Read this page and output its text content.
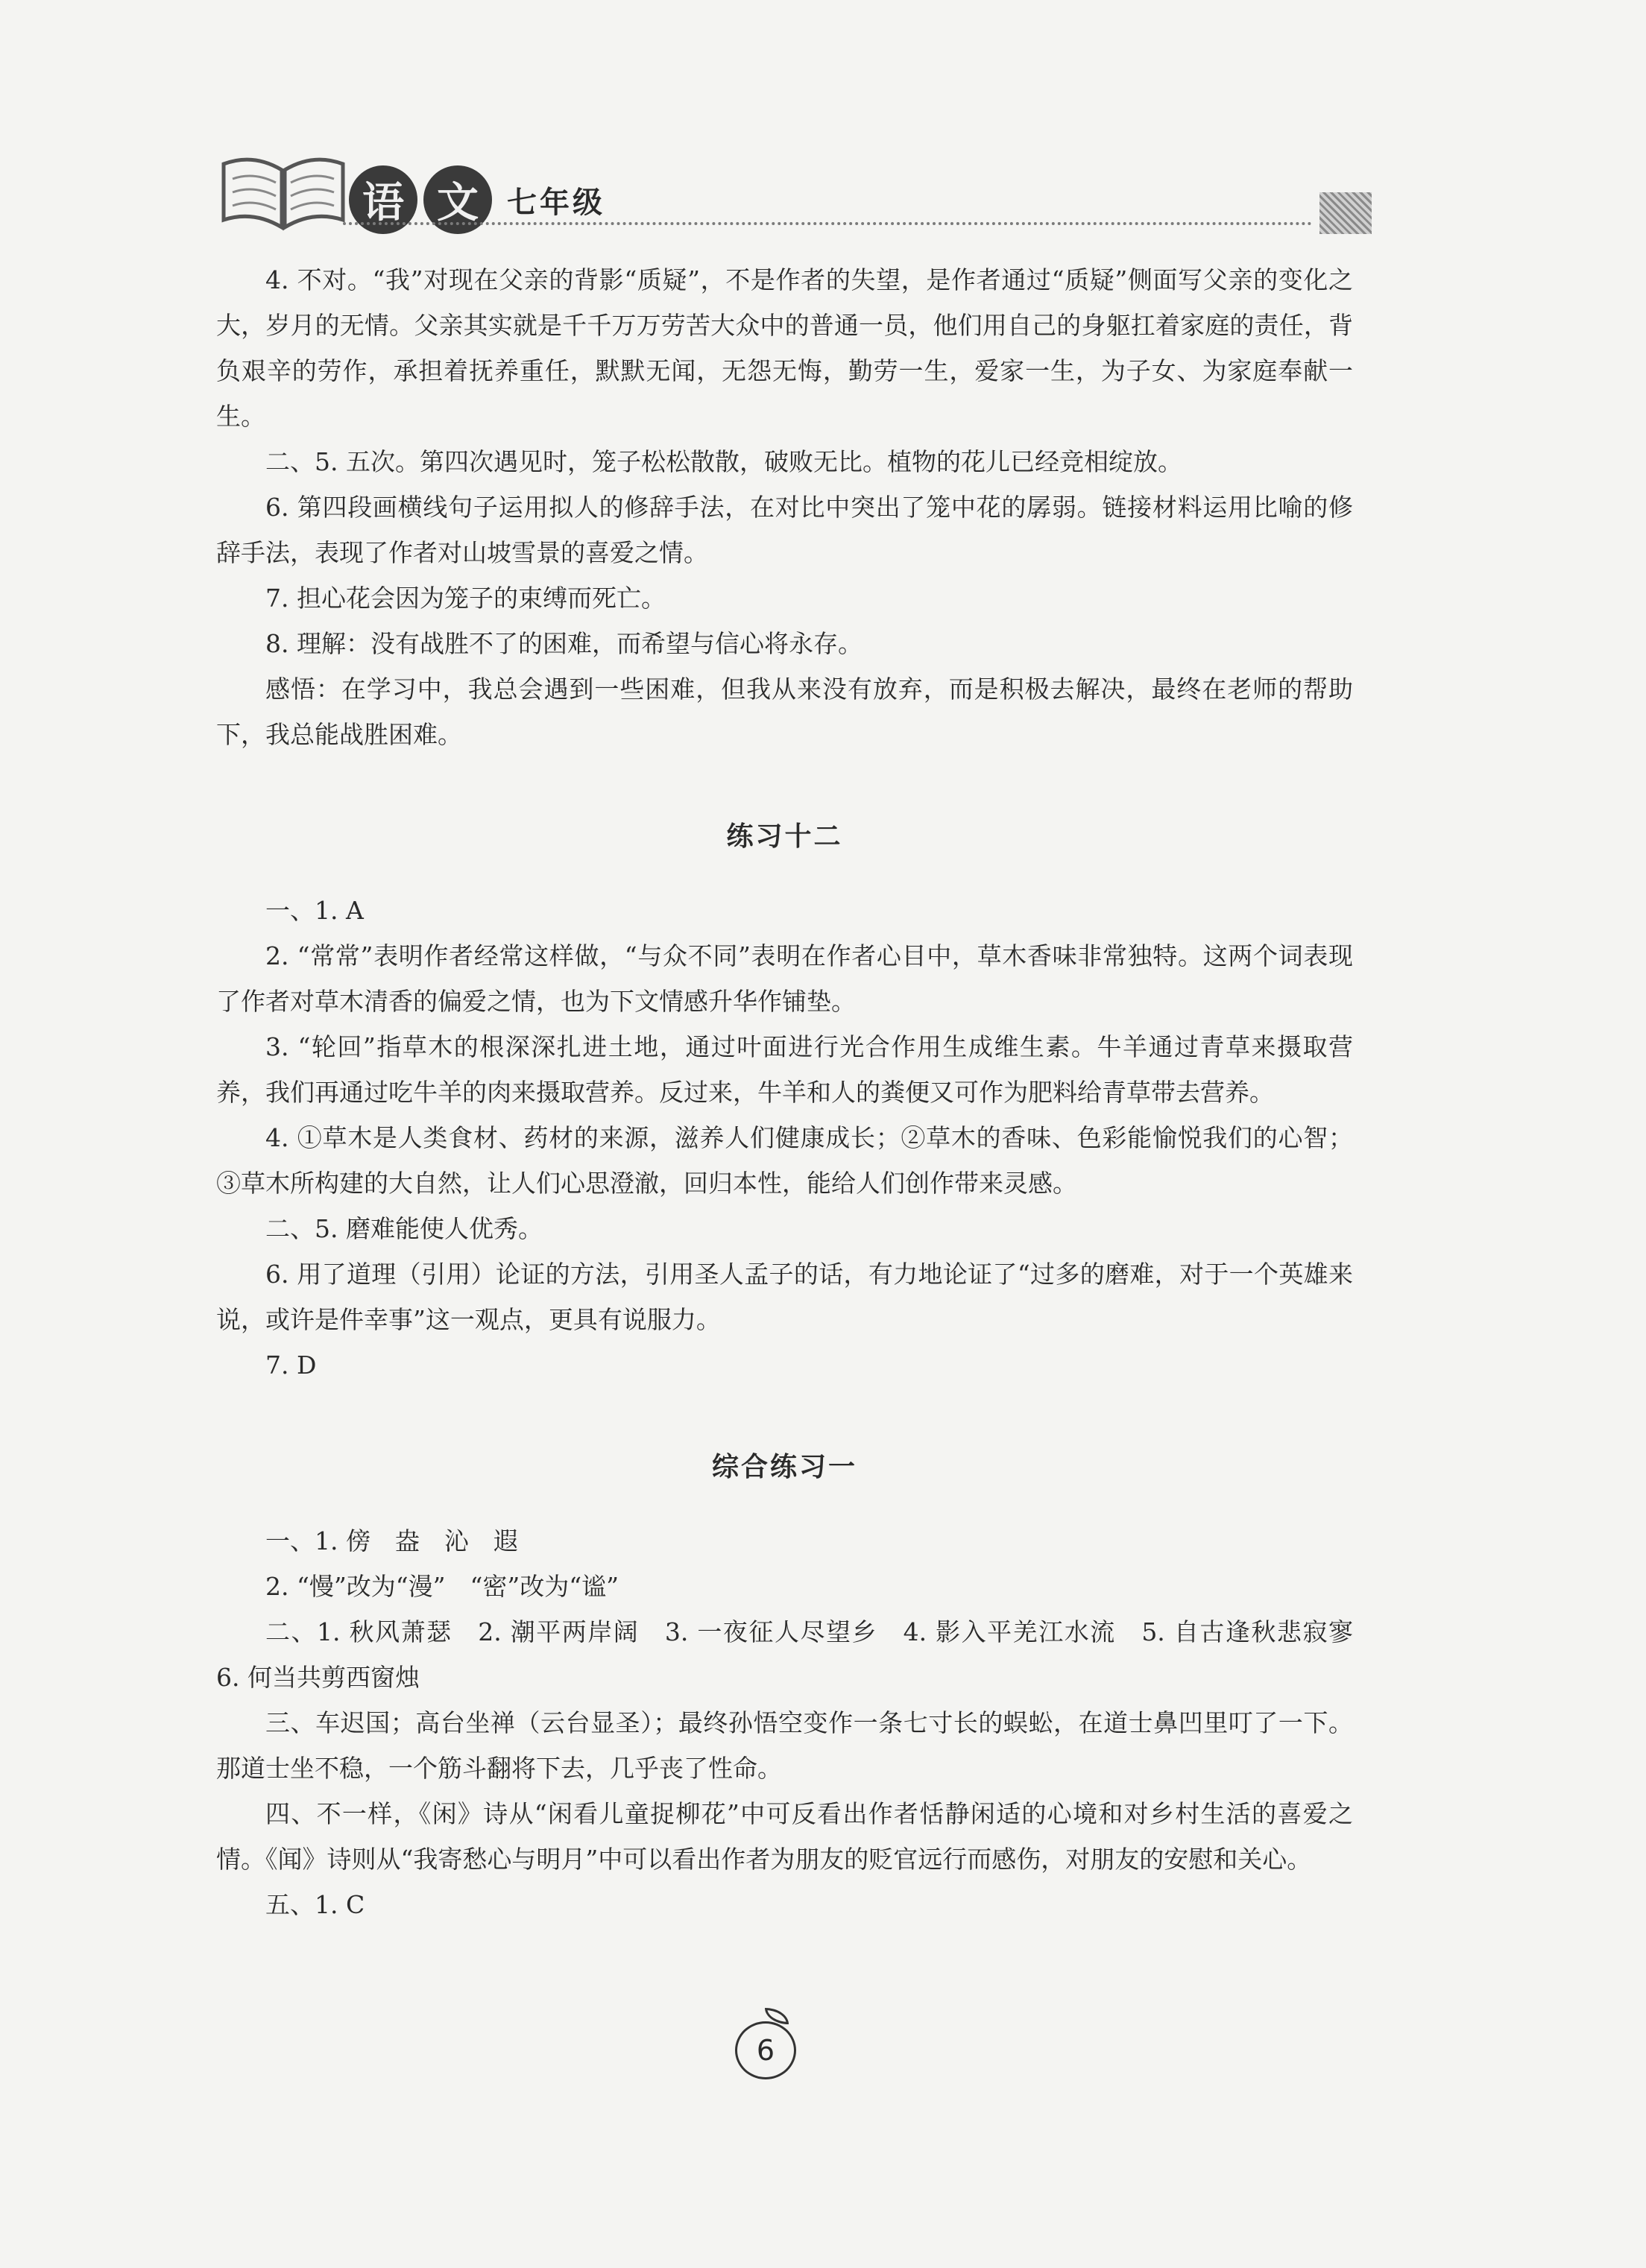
语 文 七年级

4. 不对。“我”对现在父亲的背影“质疑”，不是作者的失望，是作者通过“质疑”侧面写父亲的变化之大，岁月的无情。父亲其实就是千千万万劳苦大众中的普通一员，他们用自己的身躯扛着家庭的责任，背负艰辛的劳作，承担着抚养重任，默默无闻，无怨无悔，勤劳一生，爱家一生，为子女、为家庭奉献一生。

二、5. 五次。第四次遇见时，笼子松松散散，破败无比。植物的花儿已经竞相绽放。

6. 第四段画横线句子运用拟人的修辞手法，在对比中突出了笼中花的孱弱。链接材料运用比喻的修辞手法，表现了作者对山坡雪景的喜爱之情。

7. 担心花会因为笼子的束缚而死亡。

8. 理解：没有战胜不了的困难，而希望与信心将永存。

感悟：在学习中，我总会遇到一些困难，但我从来没有放弃，而是积极去解决，最终在老师的帮助下，我总能战胜困难。

练习十二

一、1. A

2. “常常”表明作者经常这样做，“与众不同”表明在作者心目中，草木香味非常独特。这两个词表现了作者对草木清香的偏爱之情，也为下文情感升华作铺垫。

3. “轮回”指草木的根深深扎进土地，通过叶面进行光合作用生成维生素。牛羊通过青草来摄取营养，我们再通过吃牛羊的肉来摄取营养。反过来，牛羊和人的粪便又可作为肥料给青草带去营养。

4. ①草木是人类食材、药材的来源，滋养人们健康成长；②草木的香味、色彩能愉悦我们的心智；③草木所构建的大自然，让人们心思澄澈，回归本性，能给人们创作带来灵感。

二、5. 磨难能使人优秀。

6. 用了道理（引用）论证的方法，引用圣人孟子的话，有力地论证了“过多的磨难，对于一个英雄来说，或许是件幸事”这一观点，更具有说服力。

7. D

综合练习一

一、1. 傍　盎　沁　遐

2. “慢”改为“漫”　“密”改为“谧”

二、1. 秋风萧瑟　2. 潮平两岸阔　3. 一夜征人尽望乡　4. 影入平羌江水流　5. 自古逢秋悲寂寥　6. 何当共剪西窗烛

三、车迟国；高台坐禅（云台显圣）；最终孙悟空变作一条七寸长的蜈蚣，在道士鼻凹里叮了一下。那道士坐不稳，一个筋斗翻将下去，几乎丧了性命。

四、不一样，《闲》诗从“闲看儿童捉柳花”中可反看出作者恬静闲适的心境和对乡村生活的喜爱之情。《闻》诗则从“我寄愁心与明月”中可以看出作者为朋友的贬官远行而感伤，对朋友的安慰和关心。

五、1. C

6
